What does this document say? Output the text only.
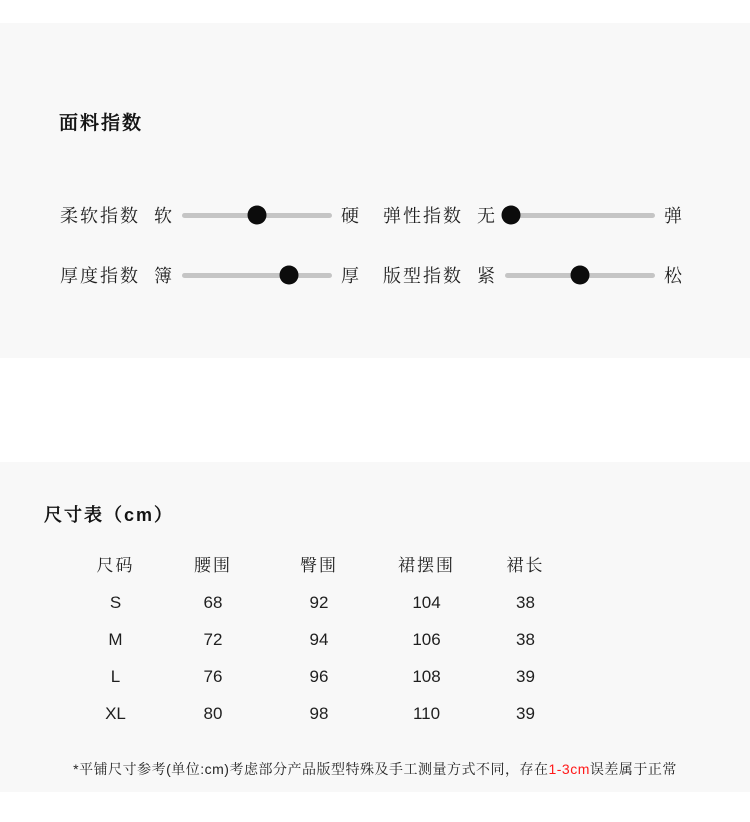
面料指数
柔软指数 软	硬 弹性指数 无	弹
厚度指数 簿	厚 版型指数 紧	松
尺寸表（cm）
尺码	腰围	臀围	裙摆围	裙长
S	68	92	104	38
M	72	94	106	38
L	76	96	108	39
XL	80	98	110	39

*平铺尺寸参考(单位:cm)考虑部分产品版型特殊及手工测量方式不同，存在1-3cm误差属于正常
